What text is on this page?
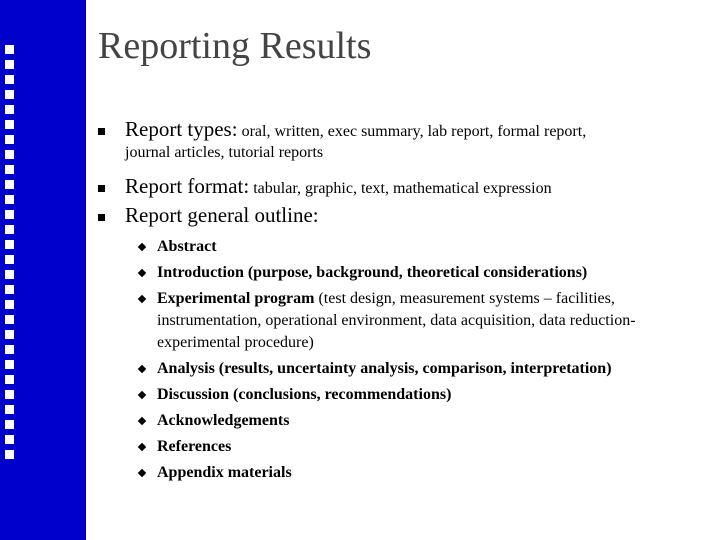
Reporting Results
Report types: oral, written, exec summary, lab report, formal report,
journal articles, tutorial reports
Report format: tabular, graphic, text, mathematical expression
Report general outline:
Abstract
Introduction (purpose, background, theoretical considerations)
Experimental program (test design, measurement systems – facilities,
instrumentation, operational environment, data acquisition, data reduction-
experimental procedure)
Analysis (results, uncertainty analysis, comparison, interpretation)
Discussion (conclusions, recommendations)
Acknowledgements
References
Appendix materials
